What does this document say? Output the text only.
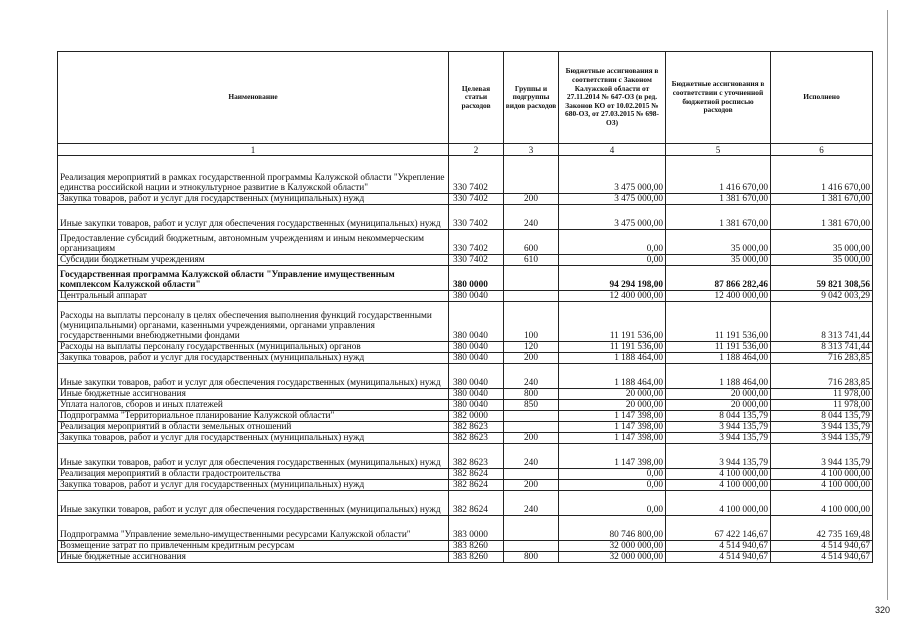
Наименование	Целевая статьи расходов	Группы и подгруппы видов расходов	Бюджетные ассигнования в соответствии с Законом Калужской области от 27.11.2014 № 647-ОЗ (в ред. Законов КО от 10.02.2015 № 680-ОЗ, от 27.03.2015 № 698-ОЗ)	Бюджетные ассигнования в соответствии с уточненной бюджетной росписью расходов	Исполнено
1	2	3	4	5	6
Реализация мероприятий в рамках государственной программы Калужской области "Укрепление единства российской нации и этнокультурное развитие в Калужской области"	330 7402		3 475 000,00	1 416 670,00	1 416 670,00
Закупка товаров, работ и услуг для государственных (муниципальных) нужд	330 7402	200	3 475 000,00	1 381 670,00	1 381 670,00
Иные закупки товаров, работ и услуг для обеспечения государственных (муниципальных) нужд	330 7402	240	3 475 000,00	1 381 670,00	1 381 670,00
Предоставление субсидий бюджетным, автономным учреждениям и иным некоммерческим организациям	330 7402	600	0,00	35 000,00	35 000,00
Субсидии бюджетным учреждениям	330 7402	610	0,00	35 000,00	35 000,00
Государственная программа Калужской области "Управление имущественным комплексом Калужской области"	380 0000		94 294 198,00	87 866 282,46	59 821 308,56
Центральный аппарат	380 0040		12 400 000,00	12 400 000,00	9 042 003,29
Расходы на выплаты персоналу в целях обеспечения выполнения функций государственными (муниципальными) органами, казенными учреждениями, органами управления государственными внебюджетными фондами	380 0040	100	11 191 536,00	11 191 536,00	8 313 741,44
Расходы на выплаты персоналу государственных (муниципальных) органов	380 0040	120	11 191 536,00	11 191 536,00	8 313 741,44
Закупка товаров, работ и услуг для государственных (муниципальных) нужд	380 0040	200	1 188 464,00	1 188 464,00	716 283,85
Иные закупки товаров, работ и услуг для обеспечения государственных (муниципальных) нужд	380 0040	240	1 188 464,00	1 188 464,00	716 283,85
Иные бюджетные ассигнования	380 0040	800	20 000,00	20 000,00	11 978,00
Уплата налогов, сборов и иных платежей	380 0040	850	20 000,00	20 000,00	11 978,00
Подпрограмма "Территориальное планирование Калужской области"	382 0000		1 147 398,00	8 044 135,79	8 044 135,79
Реализация мероприятий в области земельных отношений	382 8623		1 147 398,00	3 944 135,79	3 944 135,79
Закупка товаров, работ и услуг для государственных (муниципальных) нужд	382 8623	200	1 147 398,00	3 944 135,79	3 944 135,79
Иные закупки товаров, работ и услуг для обеспечения государственных (муниципальных) нужд	382 8623	240	1 147 398,00	3 944 135,79	3 944 135,79
Реализация мероприятий в области градостроительства	382 8624		0,00	4 100 000,00	4 100 000,00
Закупка товаров, работ и услуг для государственных (муниципальных) нужд	382 8624	200	0,00	4 100 000,00	4 100 000,00
Иные закупки товаров, работ и услуг для обеспечения государственных (муниципальных) нужд	382 8624	240	0,00	4 100 000,00	4 100 000,00
Подпрограмма "Управление земельно-имущественными ресурсами Калужской области"	383 0000		80 746 800,00	67 422 146,67	42 735 169,48
Возмещение затрат по привлеченным кредитным ресурсам	383 8260		32 000 000,00	4 514 940,67	4 514 940,67
Иные бюджетные ассигнования	383 8260	800	32 000 000,00	4 514 940,67	4 514 940,67
320
